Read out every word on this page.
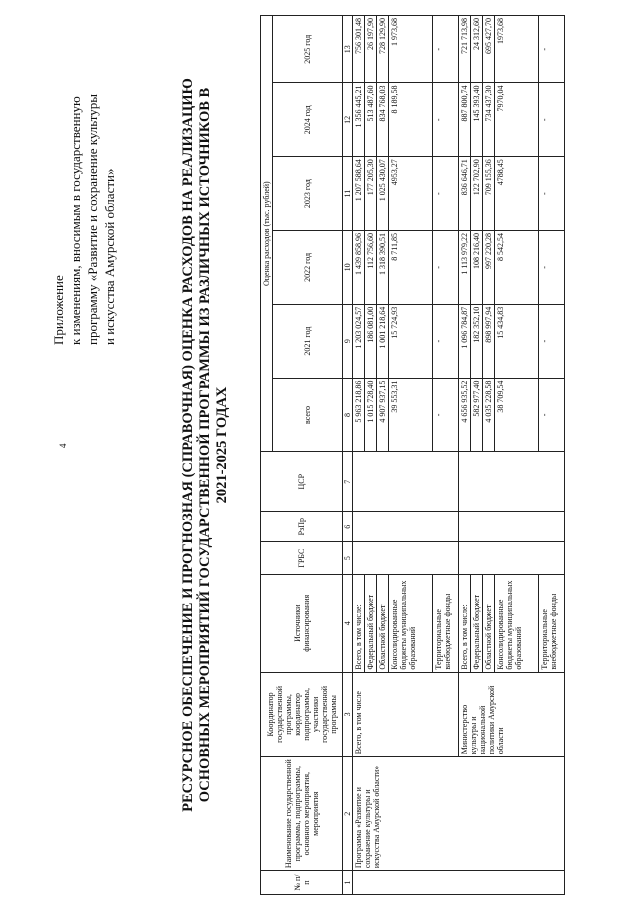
4
Приложение к изменениям, вносимым в государственную программу «Развитие и сохранение культуры и искусства Амурской области»	РЕСУРСНОЕ ОБЕСПЕЧЕНИЕ И ПРОГНОЗНАЯ (СПРАВОЧНАЯ) ОЦЕНКА РАСХОДОВ НА РЕАЛИЗАЦИЮ ОСНОВНЫХ МЕРОПРИЯТИЙ ГОСУДАРСТВЕННОЙ ПРОГРАММЫ ИЗ РАЗЛИЧНЫХ ИСТОЧНИКОВ В 2021-2025 ГОДАХ
№ п/п	Наименование государственной программы, подпрограммы, основного мероприятия, мероприятия	Координатор государственной программы, координатор подпрограммы, участники государственной программы	Источники финансирования	ГРБС	РзПр	ЦСР	Оценка расходов (тыс. рублей)					
							всего	2021 год	2022 год	2023 год	2024 год	2025 год
1	2	3	4	5	6	7	8	9	10	11	12	13
	Программа «Развитие и сохранение культуры и искусства Амурской области»	Всего, в том числе	Всего, в том числе:				5 963 218,86	1 203 024,57	1 439 858,96	1 207 588,64	1 356 445,21	756 301,48
			Федеральный бюджет				1 015 728,40	186 081,00	112 756,60	177 205,30	513 487,60	26 197,90
			Областной бюджет				4 907 937,15	1 001 218,64	1 318 390,51	1 025 430,07	834 768,03	728 129,90
			Консолидированные бюджеты муниципальных образований				39 553,31	15 724,93	8 711,85	4953,27	8 189,58	1 973,68
			Территориальные внебюджетные фонды				-	-	-	-	-	-
		Министерство культуры и национальной политики Амурской области	Всего, в том числе:				4 656 935,52	1 096 784,87	1 113 979,22	836 646,71	887 800,74	721 713,98
			Федеральный бюджет				582 977,40	182 352,10	108 216,40	122 702,90	145 393,40	24 312,60
			Областной бюджет				4 035 228,58	898 997,94	997 220,28	709 155,36	734 437,30	695 427,70
			Консолидированные бюджеты муниципальных образований				38 709,54	15 434,83	8 542,54	4788,45	7970,04	1973,68
			Территориальные внебюджетные фонды				-	-	-	-	-	-
